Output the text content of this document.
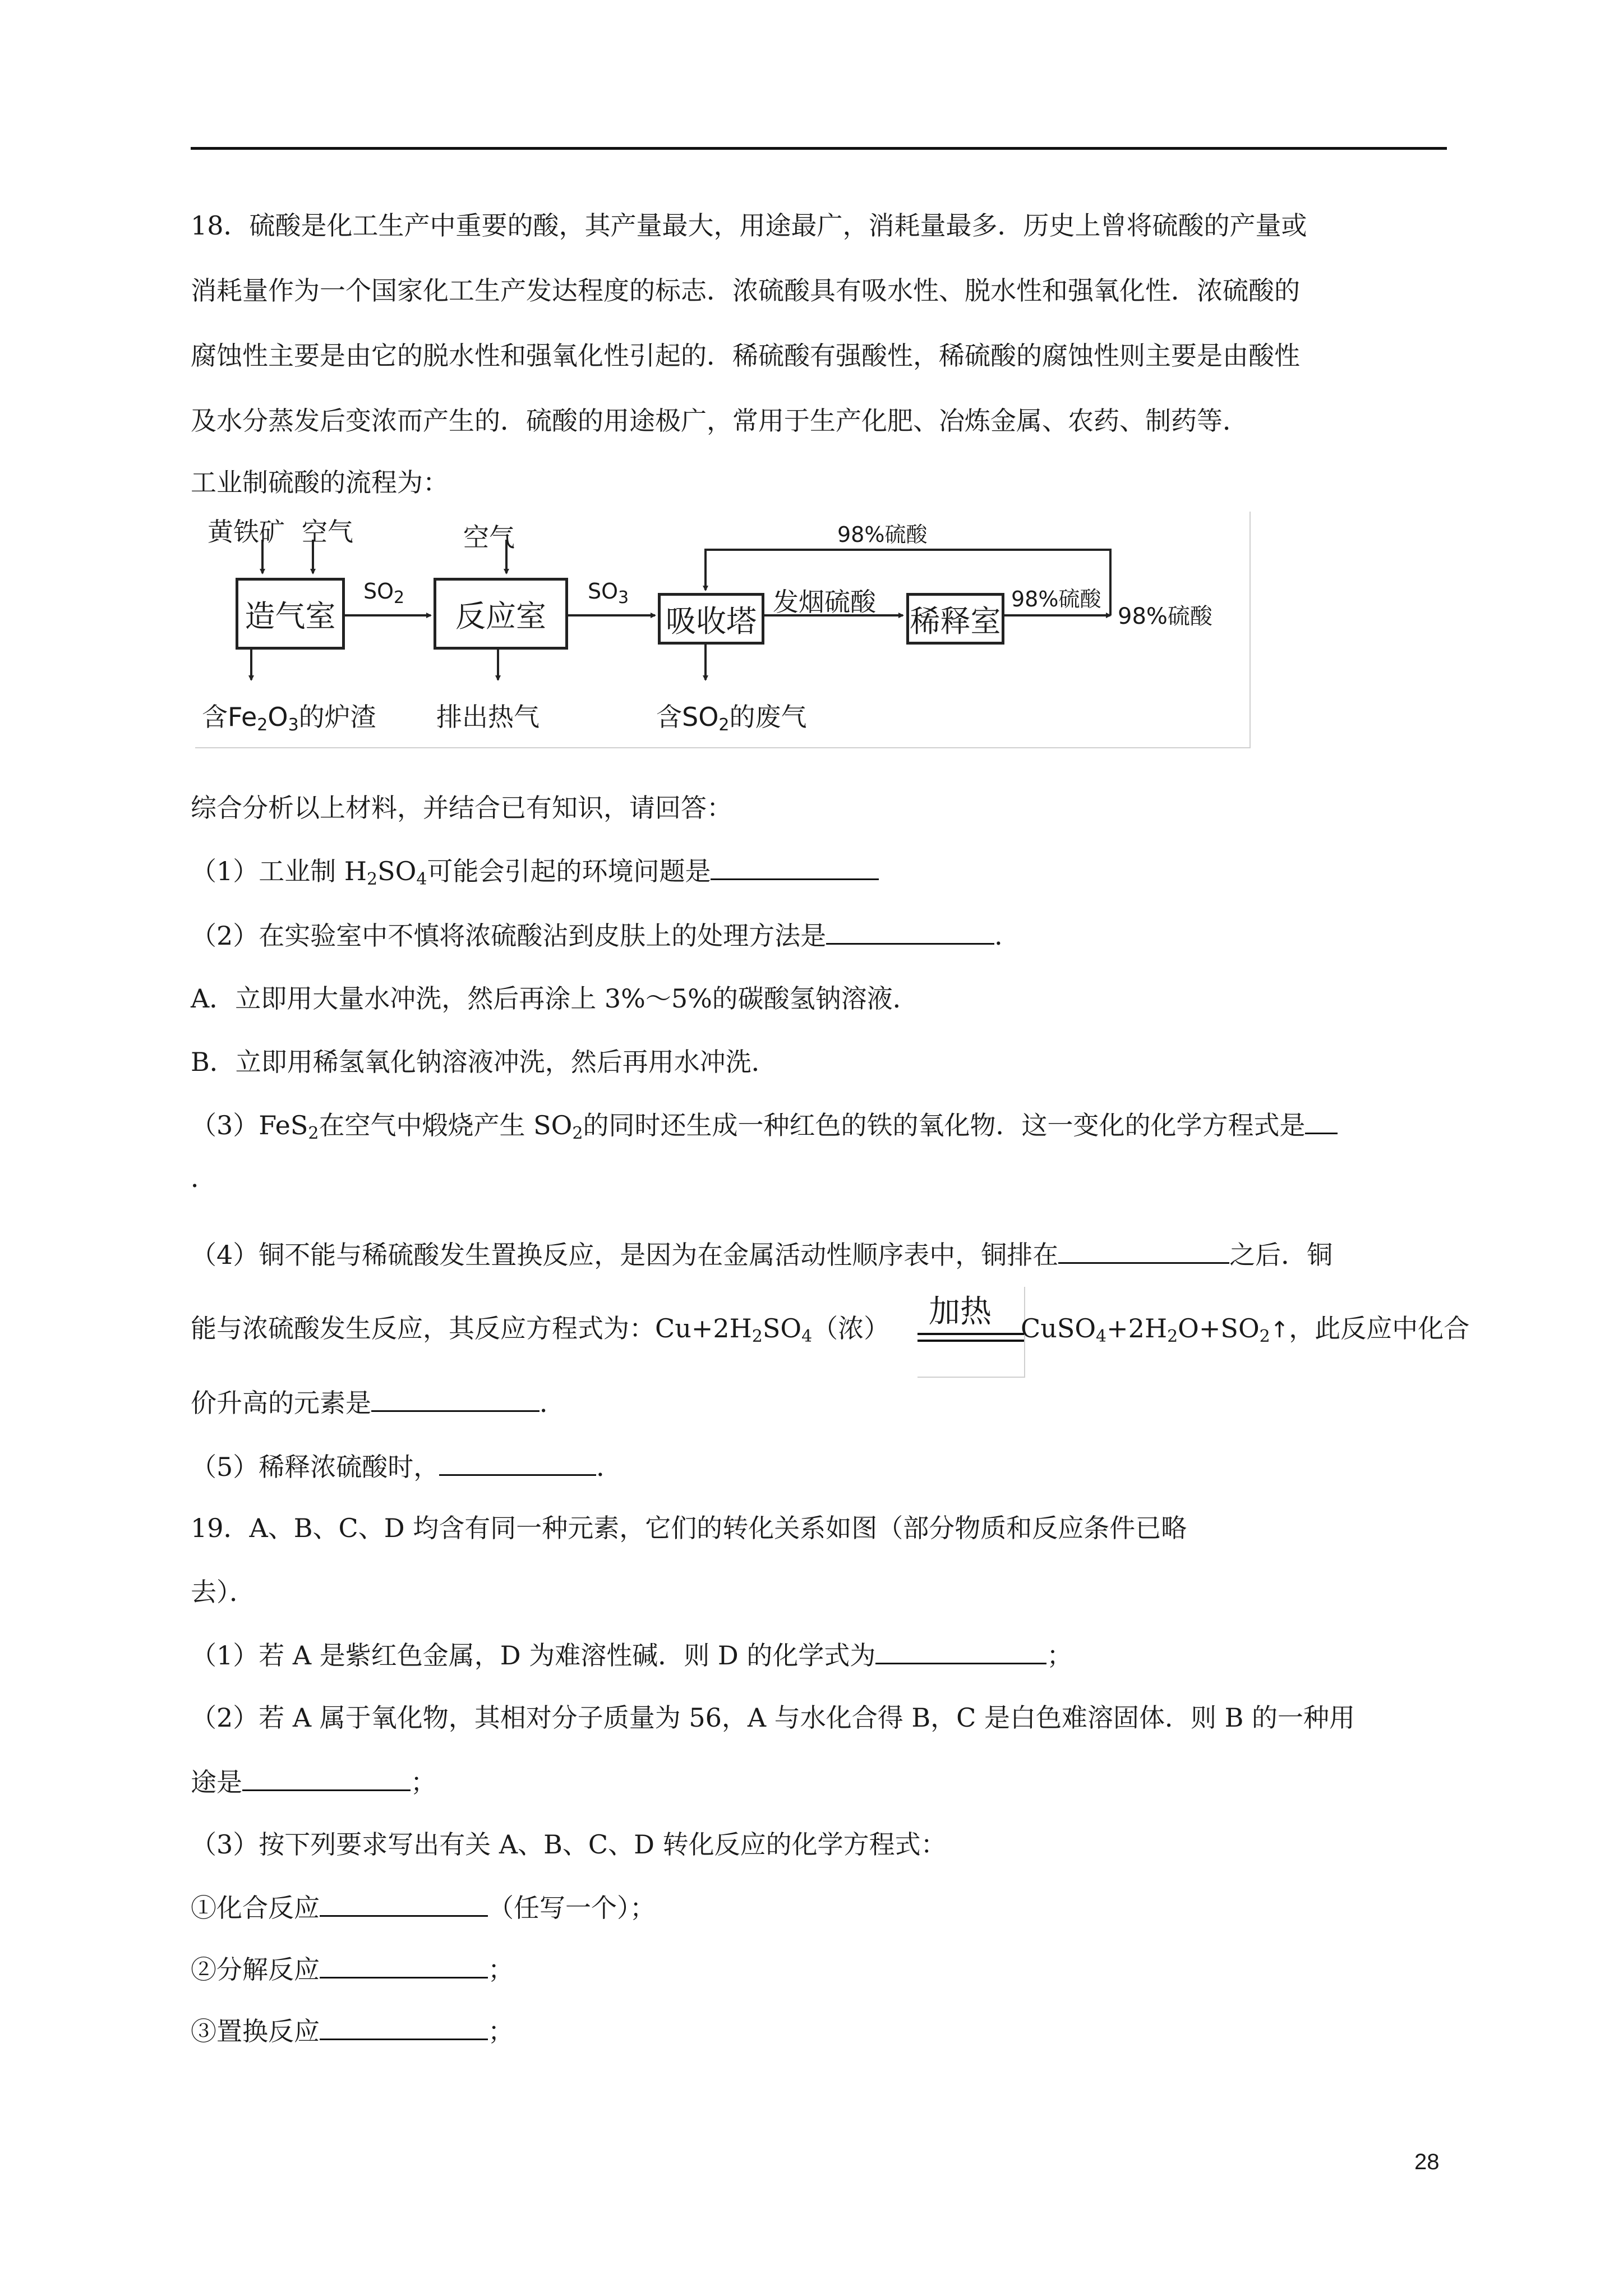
18．硫酸是化工生产中重要的酸，其产量最大，用途最广，消耗量最多．历史上曾将硫酸的产量或
消耗量作为一个国家化工生产发达程度的标志．浓硫酸具有吸水性、脱水性和强氧化性．浓硫酸的
腐蚀性主要是由它的脱水性和强氧化性引起的．稀硫酸有强酸性，稀硫酸的腐蚀性则主要是由酸性
及水分蒸发后变浓而产生的．硫酸的用途极广，常用于生产化肥、冶炼金属、农药、制药等．
工业制硫酸的流程为：
黄铁矿 空气	空气
造气室	反应室	吸收塔	稀释室
$SO_2$	$SO_3$	发烟硫酸	98%硫酸
98%硫酸
98%硫酸
含$Fe_2O_3$的炉渣 排出热气	含$SO_2$的废气
综合分析以上材料，并结合已有知识，请回答：
（1）工业制 $H_2SO_4$可能会引起的环境问题是
（2）在实验室中不慎将浓硫酸沾到皮肤上的处理方法是	．
A．立即用大量水冲洗，然后再涂上 3%～5%的碳酸氢钠溶液．
B．立即用稀氢氧化钠溶液冲洗，然后再用水冲洗．
（3）FeS$_2$在空气中煅烧产生 $SO_2$的同时还生成一种红色的铁的氧化物．这一变化的化学方程式是
．
（4）铜不能与稀硫酸发生置换反应，是因为在金属活动性顺序表中，铜排在	之后．铜
能与浓硫酸发生反应，其反应方程式为：$Cu+2H_2SO_4$（浓） 加热 $CuSO_4+2H_2O+SO_2↑$，此反应中化合
价升高的元素是	．
（5）稀释浓硫酸时，	．
19．A、B、C、D 均含有同一种元素，它们的转化关系如图（部分物质和反应条件已略
去）．
（1）若 A 是紫红色金属，D 为难溶性碱．则 D 的化学式为	；
（2）若 A 属于氧化物，其相对分子质量为 56，A 与水化合得 B，C 是白色难溶固体．则 B 的一种用
途是	；
（3）按下列要求写出有关 A、B、C、D 转化反应的化学方程式：
①化合反应	（任写一个）；
②分解反应	；
③置换反应	；
28
